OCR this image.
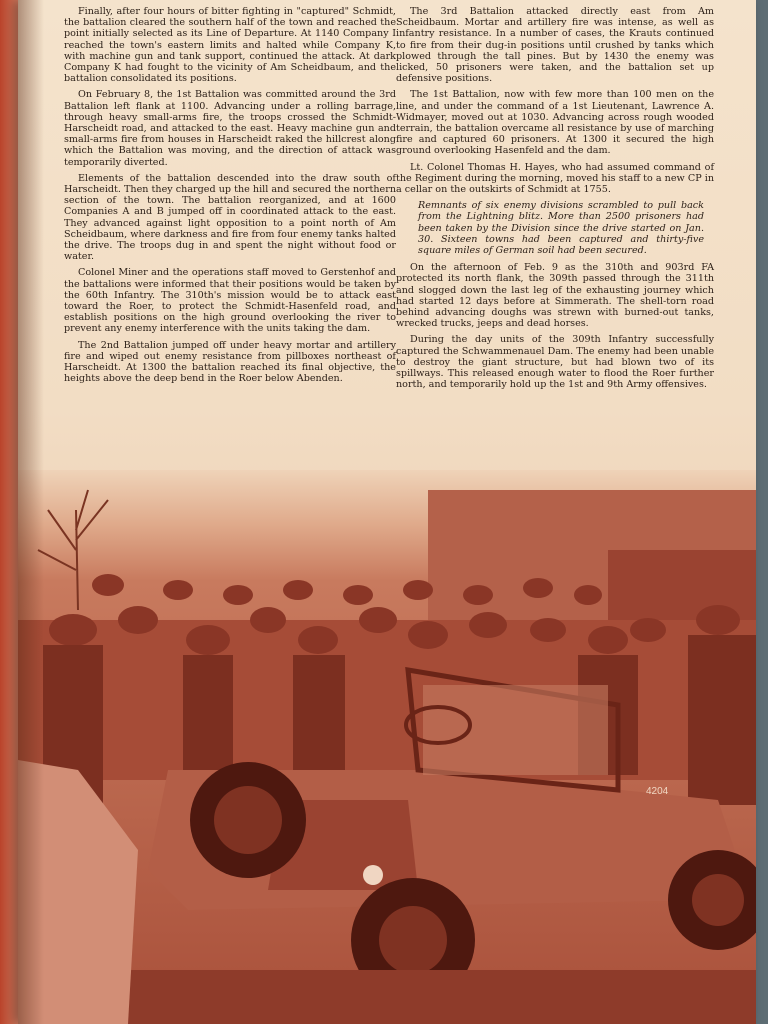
4204

Finally, after four hours of bitter fighting in "captured" Schmidt, the battalion cleared the southern half of the town and reached the point initially selected as its Line of Departure. At 1140 Company I reached the town's eastern limits and halted while Company K, with machine gun and tank support, continued the attack. At dark Company K had fought to the vicinity of Am Scheidbaum, and the battalion consolidated its positions.

On February 8, the 1st Battalion was committed around the 3rd Battalion left flank at 1100. Advancing under a rolling barrage, through heavy small-arms fire, the troops crossed the Schmidt-Harscheidt road, and attacked to the east. Heavy machine gun and small-arms fire from houses in Harscheidt raked the hillcrest along which the Battalion was moving, and the direction of attack was temporarily diverted.

Elements of the battalion descended into the draw south of Harscheidt. Then they charged up the hill and secured the northern section of the town. The battalion reorganized, and at 1600 Companies A and B jumped off in coordinated attack to the east. They advanced against light opposition to a point north of Am Scheidbaum, where darkness and fire from four enemy tanks halted the drive. The troops dug in and spent the night without food or water.

Colonel Miner and the operations staff moved to Gerstenhof and the battalions were informed that their positions would be taken by the 60th Infantry. The 310th's mission would be to attack east toward the Roer, to protect the Schmidt-Hasenfeld road, and establish positions on the high ground overlooking the river to prevent any enemy interference with the units taking the dam.

The 2nd Battalion jumped off under heavy mortar and artillery fire and wiped out enemy resistance from pillboxes northeast of Harscheidt. At 1300 the battalion reached its final objective, the heights above the deep bend in the Roer below Abenden.

The 3rd Battalion attacked directly east from Am Scheidbaum. Mortar and artillery fire was intense, as well as infantry resistance. In a number of cases, the Krauts continued to fire from their dug-in positions until crushed by tanks which plowed through the tall pines. But by 1430 the enemy was licked, 50 prisoners were taken, and the battalion set up defensive positions.

The 1st Battalion, now with few more than 100 men on the line, and under the command of a 1st Lieutenant, Lawrence A. Widmayer, moved out at 1030. Advancing across rough wooded terrain, the battalion overcame all resistance by use of marching fire and captured 60 prisoners. At 1300 it secured the high ground overlooking Hasenfeld and the dam.

Lt. Colonel Thomas H. Hayes, who had assumed command of the Regiment during the morning, moved his staff to a new CP in a cellar on the outskirts of Schmidt at 1755.

Remnants of six enemy divisions scrambled to pull back from the Lightning blitz. More than 2500 prisoners had been taken by the Division since the drive started on Jan. 30. Sixteen towns had been captured and thirty-five square miles of German soil had been secured.

On the afternoon of Feb. 9 as the 310th and 903rd FA protected its north flank, the 309th passed through the 311th and slogged down the last leg of the exhausting journey which had started 12 days before at Simmerath. The shell-torn road behind advancing doughs was strewn with burned-out tanks, wrecked trucks, jeeps and dead horses.

During the day units of the 309th Infantry successfully captured the Schwammenauel Dam. The enemy had been unable to destroy the giant structure, but had blown two of its spillways. This released enough water to flood the Roer further north, and temporarily hold up the 1st and 9th Army offensives.
